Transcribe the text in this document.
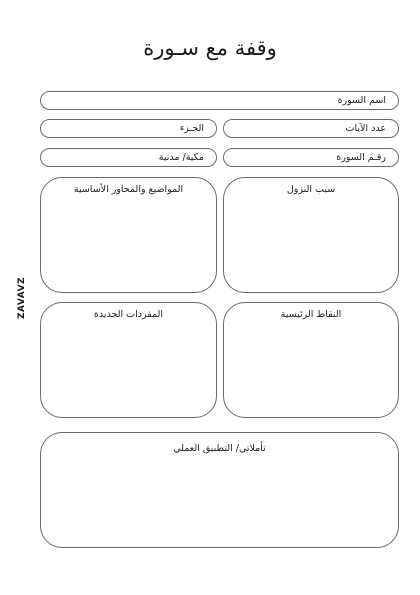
وقفة مع سـورة
اسم السورة
عدد الآيات
الجـزء
رقـم السورة
مكية/ مدنية
سبب النزول
المواضيع والمحاور الأساسية
النقاط الرئيسية
المفردات الجديدة
تأملاتي/ التطبيق العملي
ZAVAVZ
